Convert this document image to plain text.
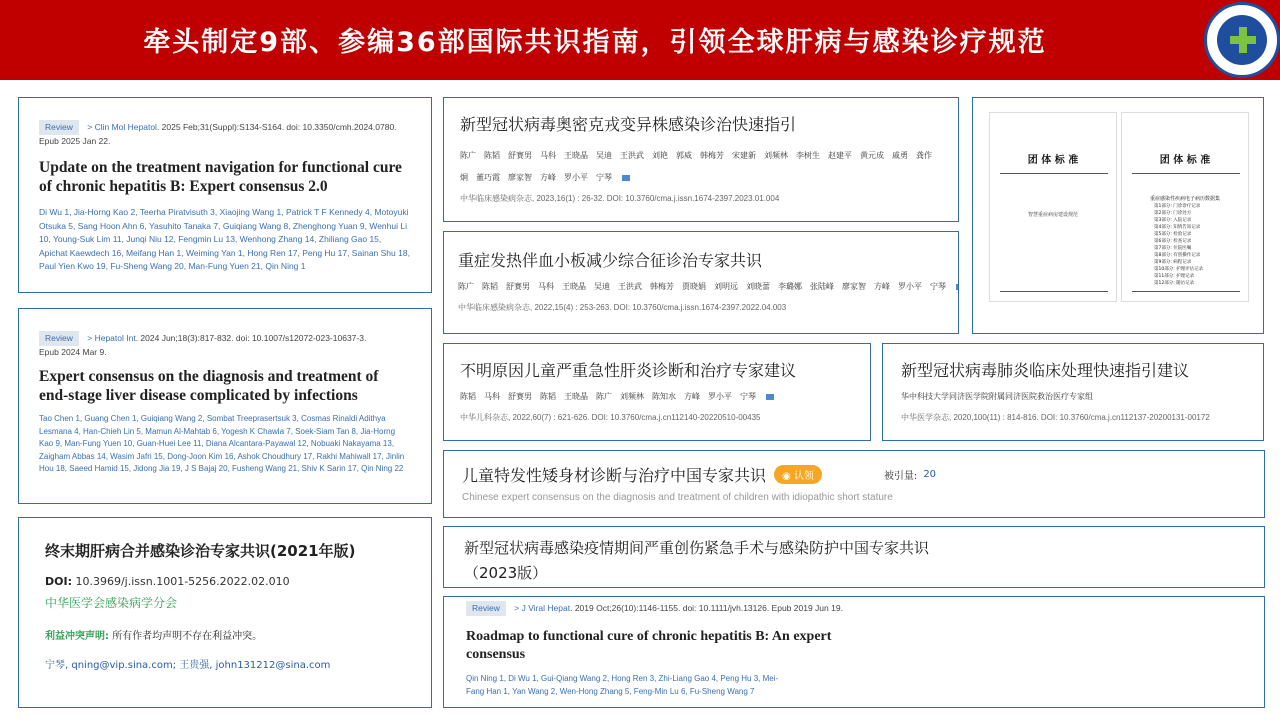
牵头制定9部、参编36部国际共识指南，引领全球肝病与感染诊疗规范
Review > Clin Mol Hepatol. 2025 Feb;31(Suppl):S134-S164. doi: 10.3350/cmh.2024.0780.
Epub 2025 Jan 22.
Update on the treatment navigation for functional cure of chronic hepatitis B: Expert consensus 2.0
Di Wu 1, Jia-Horng Kao 2, Teerha Piratvisuth 3, Xiaojing Wang 1, Patrick T F Kennedy 4, Motoyuki Otsuka 5, Sang Hoon Ahn 6, Yasuhito Tanaka 7, Guiqiang Wang 8, Zhenghong Yuan 9, Wenhui Li 10, Young-Suk Lim 11, Junqi Niu 12, Fengmin Lu 13, Wenhong Zhang 14, Zhiliang Gao 15, Apichat Kaewdech 16, Meifang Han 1, Weiming Yan 1, Hong Ren 17, Peng Hu 17, Sainan Shu 18, Paul Yien Kwo 19, Fu-Sheng Wang 20, Man-Fung Yuen 21, Qin Ning 1
Review > Hepatol Int. 2024 Jun;18(3):817-832. doi: 10.1007/s12072-023-10637-3.
Epub 2024 Mar 9.
Expert consensus on the diagnosis and treatment of end-stage liver disease complicated by infections
Tao Chen 1, Guang Chen 1, Guiqiang Wang 2, Sombat Treeprasertsuk 3, Cosmas Rinaldi Adithya Lesmana 4, Han-Chieh Lin 5, Mamun Al-Mahtab 6, Yogesh K Chawla 7, Soek-Siam Tan 8, Jia-Horng Kao 9, Man-Fung Yuen 10, Guan-Huei Lee 11, Diana Alcantara-Payawal 12, Nobuaki Nakayama 13, Zaigham Abbas 14, Wasim Jafri 15, Dong-Joon Kim 16, Ashok Choudhury 17, Rakhi Mahiwall 17, Jinlin Hou 18, Saeed Hamid 15, Jidong Jia 19, J S Bajaj 20, Fusheng Wang 21, Shiv K Sarin 17, Qin Ning 22
终末期肝病合并感染诊治专家共识(2021年版)
DOI: 10.3969/j.issn.1001-5256.2022.02.010
中华医学会感染病学分会
利益冲突声明: 所有作者均声明不存在利益冲突。
宁琴, qning@vip.sina.com; 王贵强, john131212@sina.com
新型冠状病毒奥密克戎变异株感染诊治快速指引
陈广 陈韬 舒赛男 马科 王晓晶 吴迪 王洪武 刘艳 郭威 韩梅芳 宋建新 刘频林 李树生 赵建平 黄元成 戚勇 龚作炯 董巧霞 廖家智 方峰 罗小平 宁琴
中华临床感染病杂志, 2023,16(1) : 26-32. DOI: 10.3760/cma.j.issn.1674-2397.2023.01.004
重症发热伴血小板减少综合征诊治专家共识
陈广 陈韬 舒赛男 马科 王晓晶 吴迪 王洪武 韩梅芳 贾晓娟 刘明远 刘晓蕾 李璐娜 张陆峰 廖家智 方峰 罗小平 宁琴
中华临床感染病杂志, 2022,15(4) : 253-263. DOI: 10.3760/cma.j.issn.1674-2397.2022.04.003
团 体 标 准
智慧重症病房建设规范
团 体 标 准
重症感染性疾病电子病历数据集
第1部分: 门诊诊疗记录
第2部分: 门诊处方
第3部分: 入院记录
第4部分: 知情告知记录
第5部分: 检验记录
第6部分: 检查记录
第7部分: 住院医嘱
第8部分: 有创操作记录
第9部分: 病程记录
第10部分: 护理评估记录
第11部分: 护理记录
第12部分: 随访记录
不明原因儿童严重急性肝炎诊断和治疗专家建议
陈韬 马科 舒赛男 陈韬 王晓晶 陈广 刘频林 陈知水 方峰 罗小平 宁琴
中华儿科杂志, 2022,60(7) : 621-626. DOI: 10.3760/cma.j.cn112140-20220510-00435
新型冠状病毒肺炎临床处理快速指引建议
华中科技大学同济医学院附属同济医院救治医疗专家组
中华医学杂志, 2020,100(11) : 814-816. DOI: 10.3760/cma.j.cn112137-20200131-00172
儿童特发性矮身材诊断与治疗中国专家共识	◉ 认领	被引量: 20
Chinese expert consensus on the diagnosis and treatment of children with idiopathic short stature
新型冠状病毒感染疫情期间严重创伤紧急手术与感染防护中国专家共识
（2023版）
Review > J Viral Hepat. 2019 Oct;26(10):1146-1155. doi: 10.1111/jvh.13126. Epub 2019 Jun 19.
Roadmap to functional cure of chronic hepatitis B: An expert consensus
Qin Ning 1, Di Wu 1, Gui-Qiang Wang 2, Hong Ren 3, Zhi-Liang Gao 4, Peng Hu 3, Mei-Fang Han 1, Yan Wang 2, Wen-Hong Zhang 5, Feng-Min Lu 6, Fu-Sheng Wang 7
